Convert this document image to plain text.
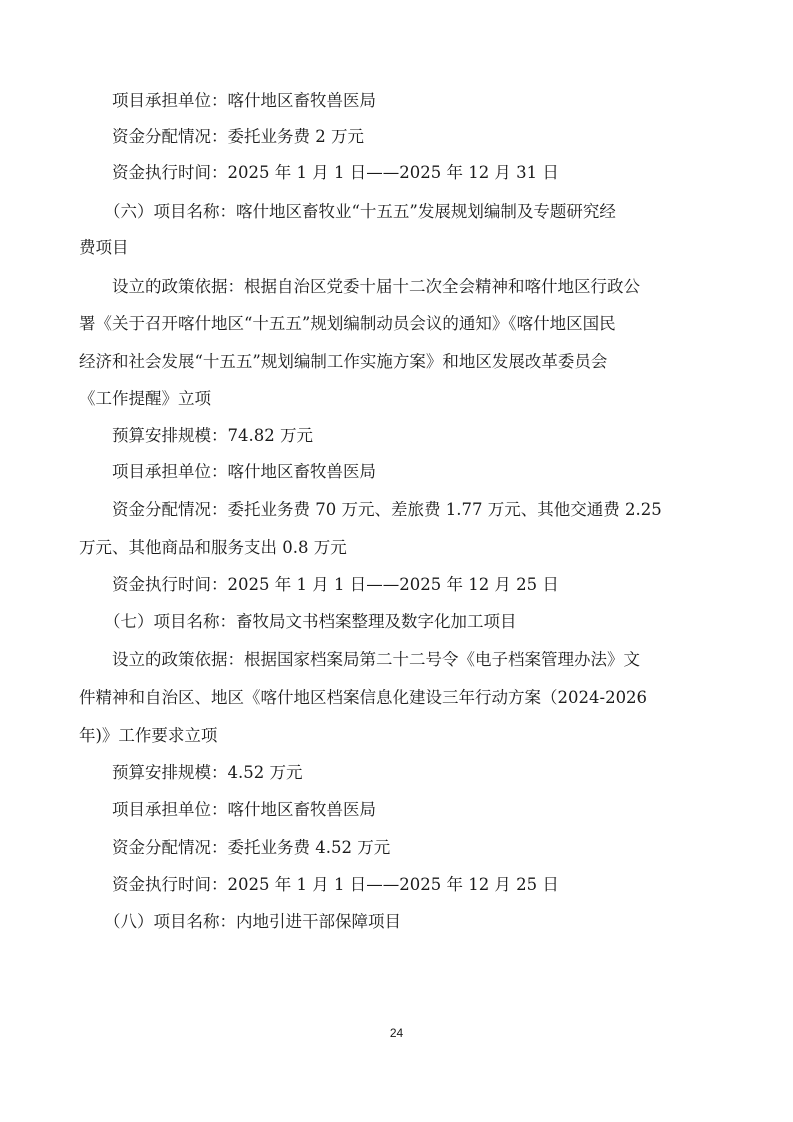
项目承担单位：喀什地区畜牧兽医局

资金分配情况：委托业务费 2 万元

资金执行时间：2025 年 1 月 1 日——2025 年 12 月 31 日

（六）项目名称：喀什地区畜牧业“十五五”发展规划编制及专题研究经

费项目

设立的政策依据：根据自治区党委十届十二次全会精神和喀什地区行政公

署《关于召开喀什地区“十五五”规划编制动员会议的通知》《喀什地区国民

经济和社会发展“十五五”规划编制工作实施方案》和地区发展改革委员会

《工作提醒》立项

预算安排规模：74.82 万元

项目承担单位：喀什地区畜牧兽医局

资金分配情况：委托业务费 70 万元、差旅费 1.77 万元、其他交通费 2.25

万元、其他商品和服务支出 0.8 万元

资金执行时间：2025 年 1 月 1 日——2025 年 12 月 25 日

（七）项目名称：畜牧局文书档案整理及数字化加工项目

设立的政策依据：根据国家档案局第二十二号令《电子档案管理办法》文

件精神和自治区、地区《喀什地区档案信息化建设三年行动方案（2024-2026

年)》工作要求立项

预算安排规模：4.52 万元

项目承担单位：喀什地区畜牧兽医局

资金分配情况：委托业务费 4.52 万元

资金执行时间：2025 年 1 月 1 日——2025 年 12 月 25 日

（八）项目名称：内地引进干部保障项目

24
